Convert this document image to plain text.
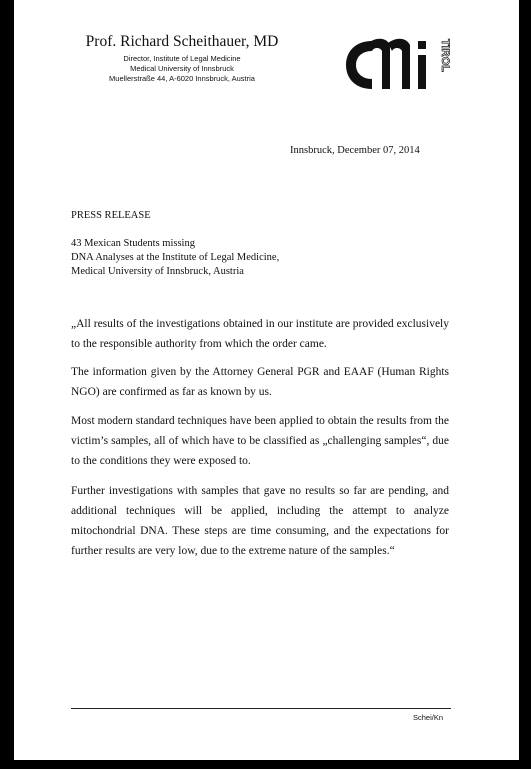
Prof. Richard Scheithauer, MD
Director, Institute of Legal Medicine
Medical University of Innsbruck
Muellerstraße 44, A-6020 Innsbruck, Austria
TIROL
Innsbruck, December 07, 2014
PRESS RELEASE
43 Mexican Students missing
DNA Analyses at the Institute of Legal Medicine,
Medical University of Innsbruck, Austria

„All results of the investigations obtained in our institute are provided exclusively to the responsible authority from which the order came.

The information given by the Attorney General PGR and EAAF (Human Rights NGO) are confirmed as far as known by us.

Most modern standard techniques have been applied to obtain the results from the victim’s samples, all of which have to be classified as „challenging samples“, due to the conditions they were exposed to.

Further investigations with samples that gave no results so far are pending, and additional techniques will be applied, including the attempt to analyze mitochondrial DNA. These steps are time consuming, and the expectations for further results are very low, due to the extreme nature of the samples.“

Schei/Kn
